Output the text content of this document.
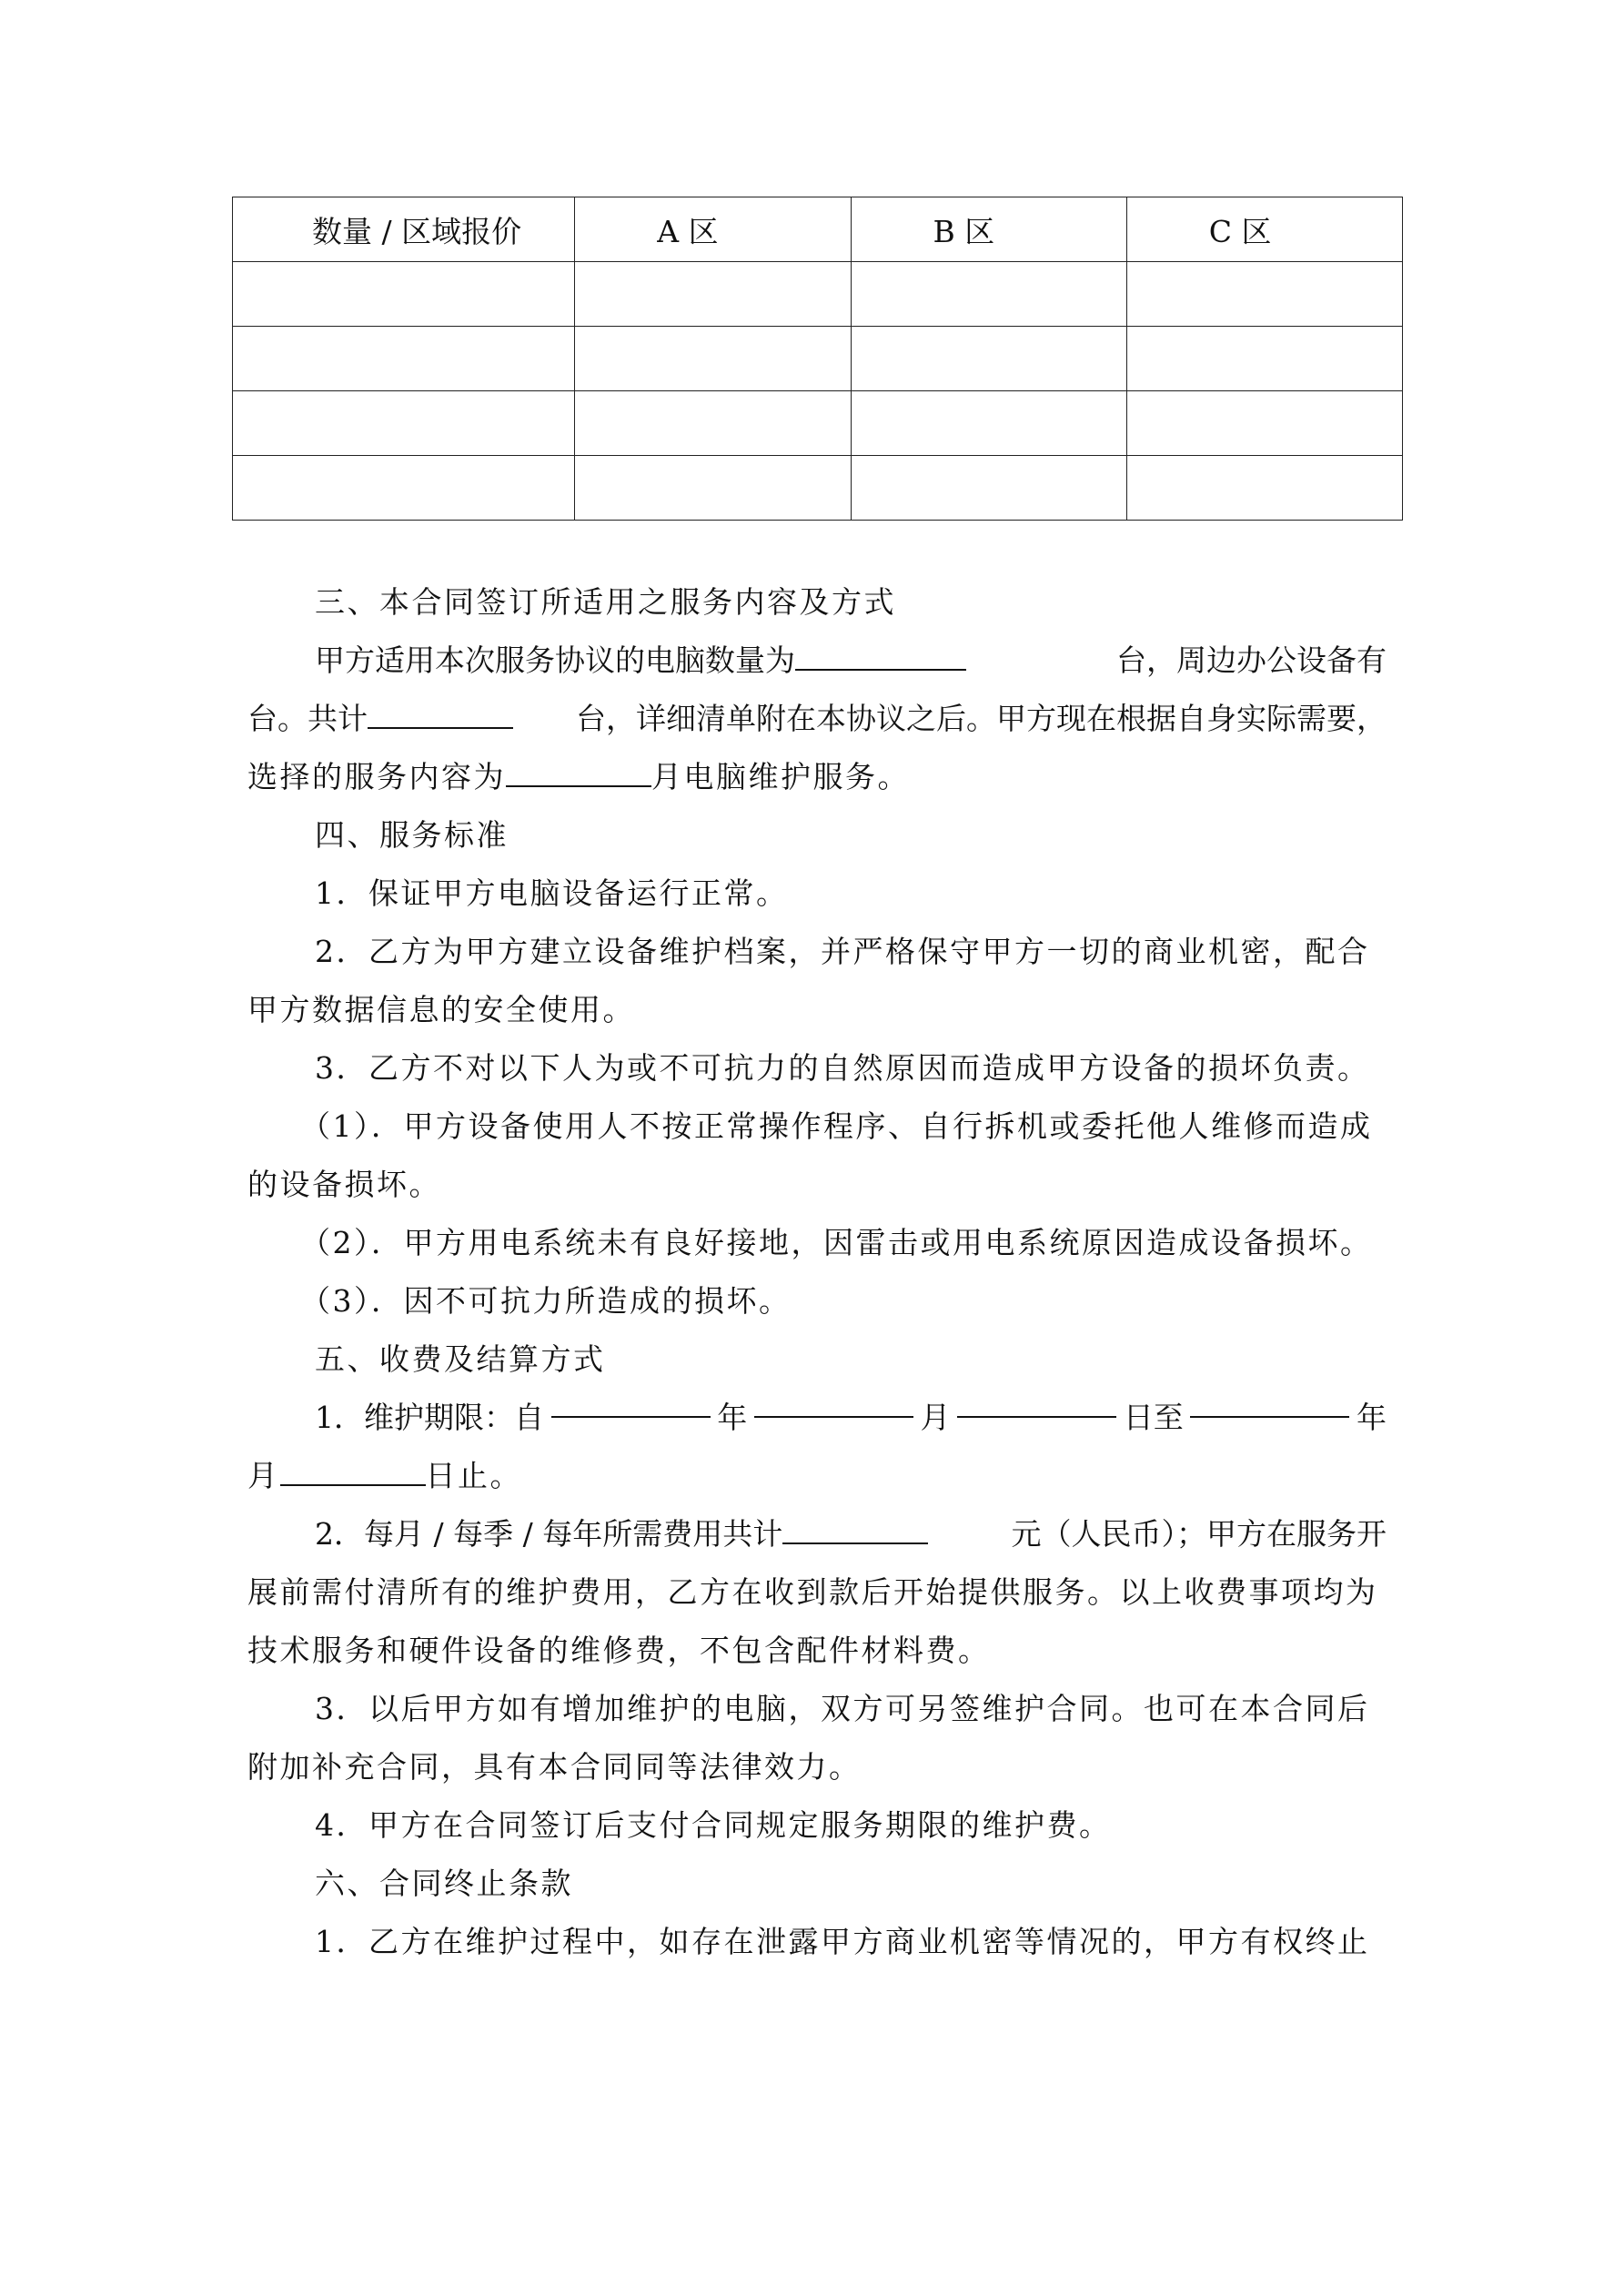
数量 / 区域报价	A 区	B 区	C 区

三、本合同签订所适用之服务内容及方式
甲方适用本次服务协议的电脑数量为	台，周边办公设备有
台。共计	台，详细清单附在本协议之后。甲方现在根据自身实际需要，
选择的服务内容为	月电脑维护服务。
四、服务标准
1．保证甲方电脑设备运行正常。
2．乙方为甲方建立设备维护档案，并严格保守甲方一切的商业机密，配合
甲方数据信息的安全使用。
3．乙方不对以下人为或不可抗力的自然原因而造成甲方设备的损坏负责。
（1）．甲方设备使用人不按正常操作程序、自行拆机或委托他人维修而造成
的设备损坏。
（2）．甲方用电系统未有良好接地，因雷击或用电系统原因造成设备损坏。
（3）．因不可抗力所造成的损坏。
五、收费及结算方式
1．维护期限：自	年	月	日至	年
月	日止。
2．每月 / 每季 / 每年所需费用共计	元（人民币）；甲方在服务开
展前需付清所有的维护费用，乙方在收到款后开始提供服务。以上收费事项均为
技术服务和硬件设备的维修费，不包含配件材料费。
3．以后甲方如有增加维护的电脑，双方可另签维护合同。也可在本合同后
附加补充合同，具有本合同同等法律效力。
4．甲方在合同签订后支付合同规定服务期限的维护费。
六、合同终止条款
1．乙方在维护过程中，如存在泄露甲方商业机密等情况的，甲方有权终止
